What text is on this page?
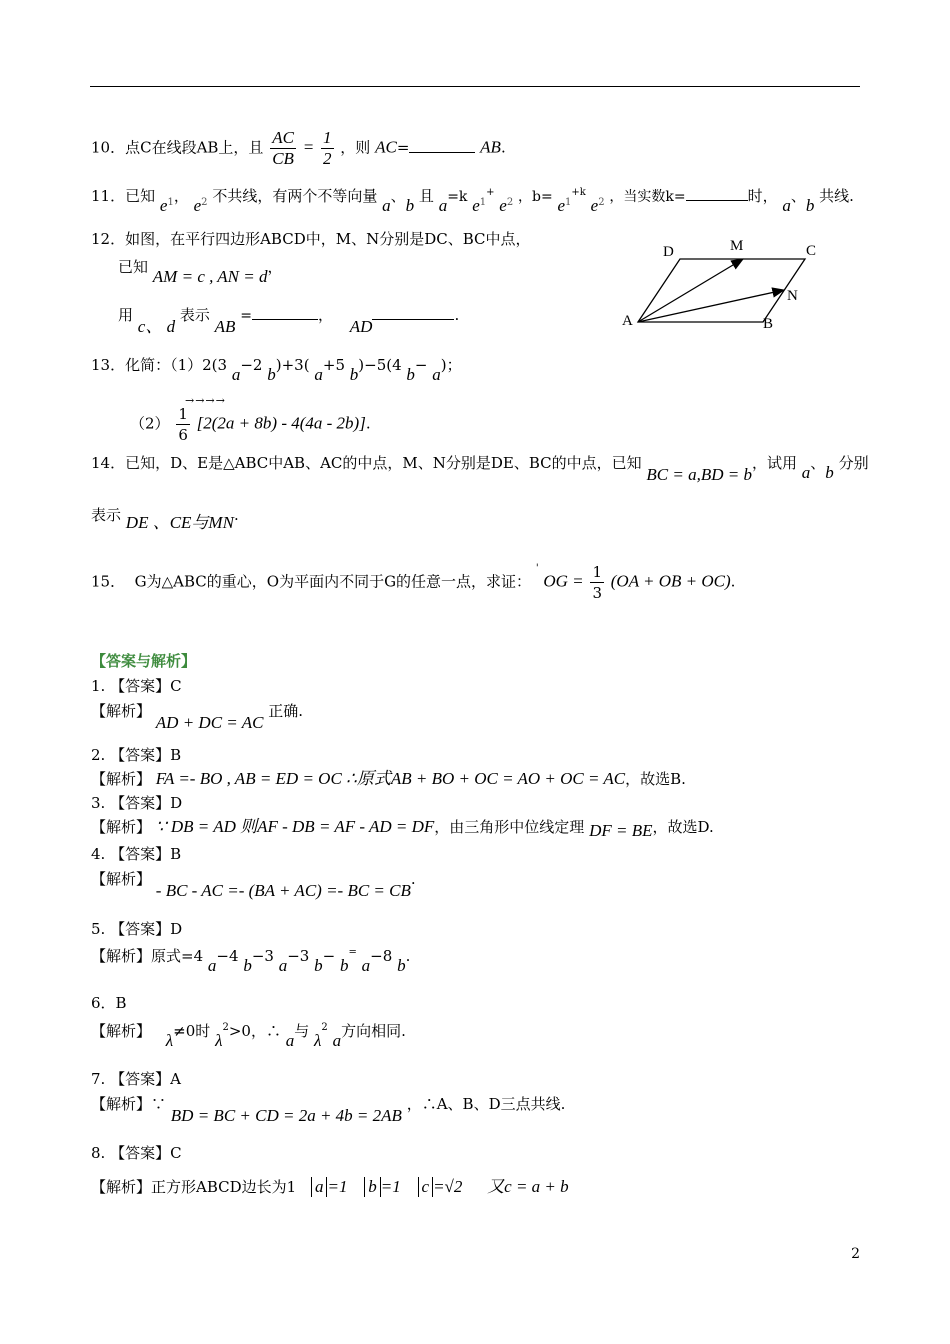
10．点C在线段AB上，且 $\frac{AC}{CB} = \frac{1}{2}$ ，则 AC=	AB.
11．已知 $e_1$， $e_2$ 不共线，有两个不等向量 a、b 且 a=k $e_1^+$ $e_2$ ，$b= e_1^{+k}$ $e_2$ ，当实数k=	时， a、b 共线.
12．如图，在平行四边形ABCD中，M、N分别是DC、BC中点，
已知 AM = c , AN = d，
用 c、 d 表示 AB =	， AD.
D	M	C
N
A	B
13．化简：（1）2(3 a−2 b)+3( a+5 b)−5(4 b− a)；
→→→→
$(2) \frac{1}{6} [2(2a + 8b) - 4(4a - 2b)]$.
14．已知，D、E是△ABC中AB、AC的中点，M、N分别是DE、BC的中点，已知 BC = a,BD = b，试用 a、b 分别
表示 DE 、CE与MN.
15． G为△ABC的重心，O为平面内不同于G的任意一点，求证： ' OG = $\frac{1}{3} (OA$ + OB + OC).
【答案与解析】
1. 【答案】C
【解析】 AD + DC = AC 正确.
2. 【答案】B
【解析】 FA =- BO , AB = ED = OC ∴原式AB + BO + OC = AO + OC = AC，故选B.
3. 【答案】D
【解析】 ∵ DB = AD 则AF - DB = AF - AD = DF，由三角形中位线定理 DF = BE，故选D.
4. 【答案】B
【解析】 - BC - AC =- (BA + AC) =- BC = CB.
5. 【答案】D
【解析】原式=4 a−4 b−3 a−3 b− b= a−8 b.
6．B
【解析】 λ≠0时 $\lambda^2>0$，∴ a与 $\lambda^2$ a方向相同.
7. 【答案】A
【解析】∵ BD = BC + CD = 2a + 4b = 2AB ，∴A、B、D三点共线.
8. 【答案】C
【解析】正方形ABCD边长为1 a =1 b =1 c =√2 又c = a + b
2
